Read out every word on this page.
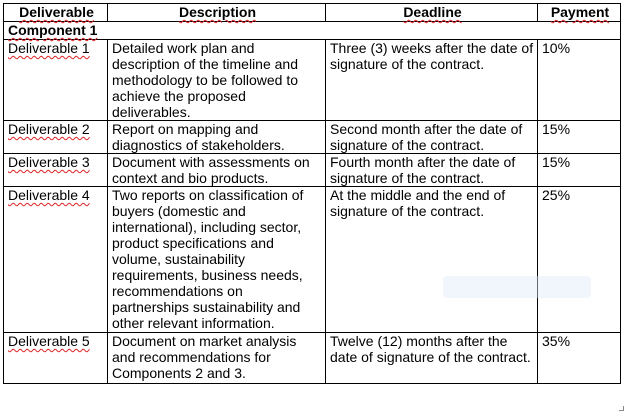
Deliverable	Description	Deadline	Payment
Component 1			
Deliverable 1	Detailed work plan and description of the timeline and methodology to be followed to achieve the proposed deliverables.	Three (3) weeks after the date of signature of the contract.	10%
Deliverable 2	Report on mapping and diagnostics of stakeholders.	Second month after the date of signature of the contract.	15%
Deliverable 3	Document with assessments on context and bio products.	Fourth month after the date of signature of the contract.	15%
Deliverable 4	Two reports on classification of buyers (domestic and international), including sector, product specifications and volume, sustainability requirements, business needs, recommendations on partnerships sustainability and other relevant information.	At the middle and the end of signature of the contract.	25%
Deliverable 5	Document on market analysis and recommendations for Components 2 and 3.	Twelve (12) months after the date of signature of the contract.	35%
